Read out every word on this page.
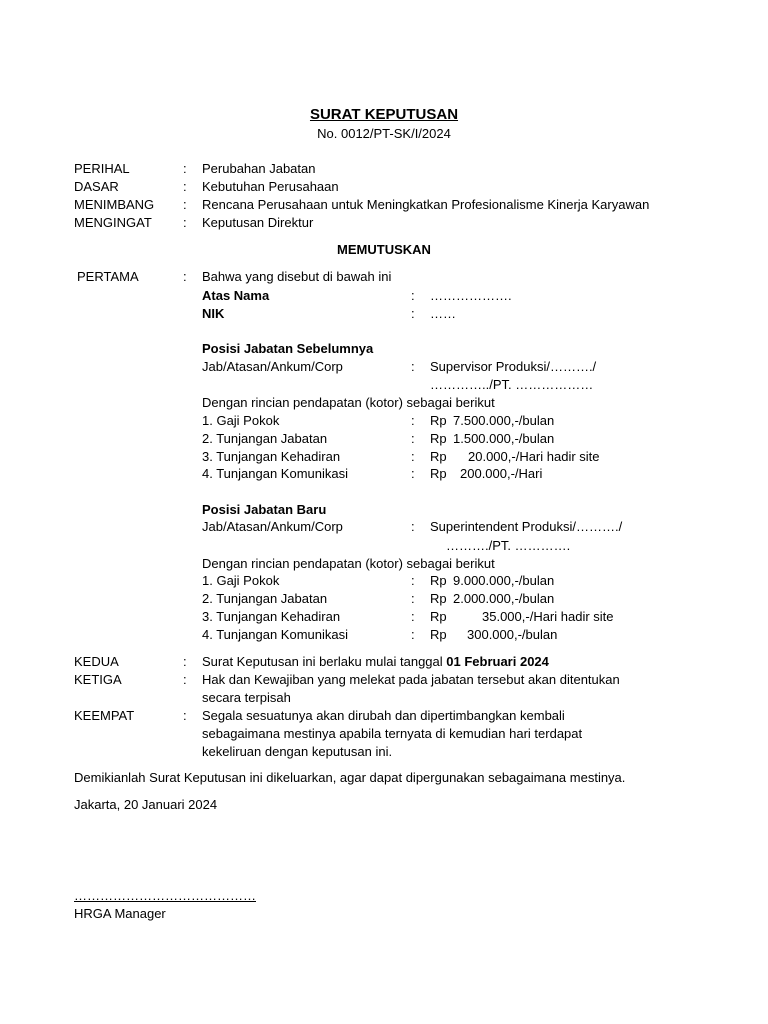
SURAT KEPUTUSAN
No. 0012/PT-SK/I/2024
PERIHAL	: Perubahan Jabatan
DASAR	: Kebutuhan Perusahaan
MENIMBANG : Rencana Perusahaan untuk Meningkatkan Profesionalisme Kinerja Karyawan
MENGINGAT : Keputusan Direktur
MEMUTUSKAN
PERTAMA	: Bahwa yang disebut di bawah ini
Atas Nama	: ……………….
NIK	: ……
Posisi Jabatan Sebelumnya
Jab/Atasan/Ankum/Corp	: Supervisor Produksi/………./
…………../PT. ………………
Dengan rincian pendapatan (kotor) sebagai berikut
1. Gaji Pokok	: Rp 7.500.000,-/bulan
2. Tunjangan Jabatan	: Rp 1.500.000,-/bulan
3. Tunjangan Kehadiran	: Rp 20.000,-/Hari hadir site
4. Tunjangan Komunikasi	: Rp 200.000,-/Hari
Posisi Jabatan Baru
Jab/Atasan/Ankum/Corp	: Superintendent Produksi/………./
………./PT. ………….
Dengan rincian pendapatan (kotor) sebagai berikut
1. Gaji Pokok	: Rp 9.000.000,-/bulan
2. Tunjangan Jabatan	: Rp 2.000.000,-/bulan
3. Tunjangan Kehadiran	: Rp	35.000,-/Hari hadir site
4. Tunjangan Komunikasi	: Rp 300.000,-/bulan
KEDUA	: Surat Keputusan ini berlaku mulai tanggal 01 Februari 2024
KETIGA	: Hak dan Kewajiban yang melekat pada jabatan tersebut akan ditentukan
secara terpisah
KEEMPAT	: Segala sesuatunya akan dirubah dan dipertimbangkan kembali
sebagaimana mestinya apabila ternyata di kemudian hari terdapat
kekeliruan dengan keputusan ini.
Demikianlah Surat Keputusan ini dikeluarkan, agar dapat dipergunakan sebagaimana mestinya.
Jakarta, 20 Januari 2024
……………………………………
HRGA Manager
